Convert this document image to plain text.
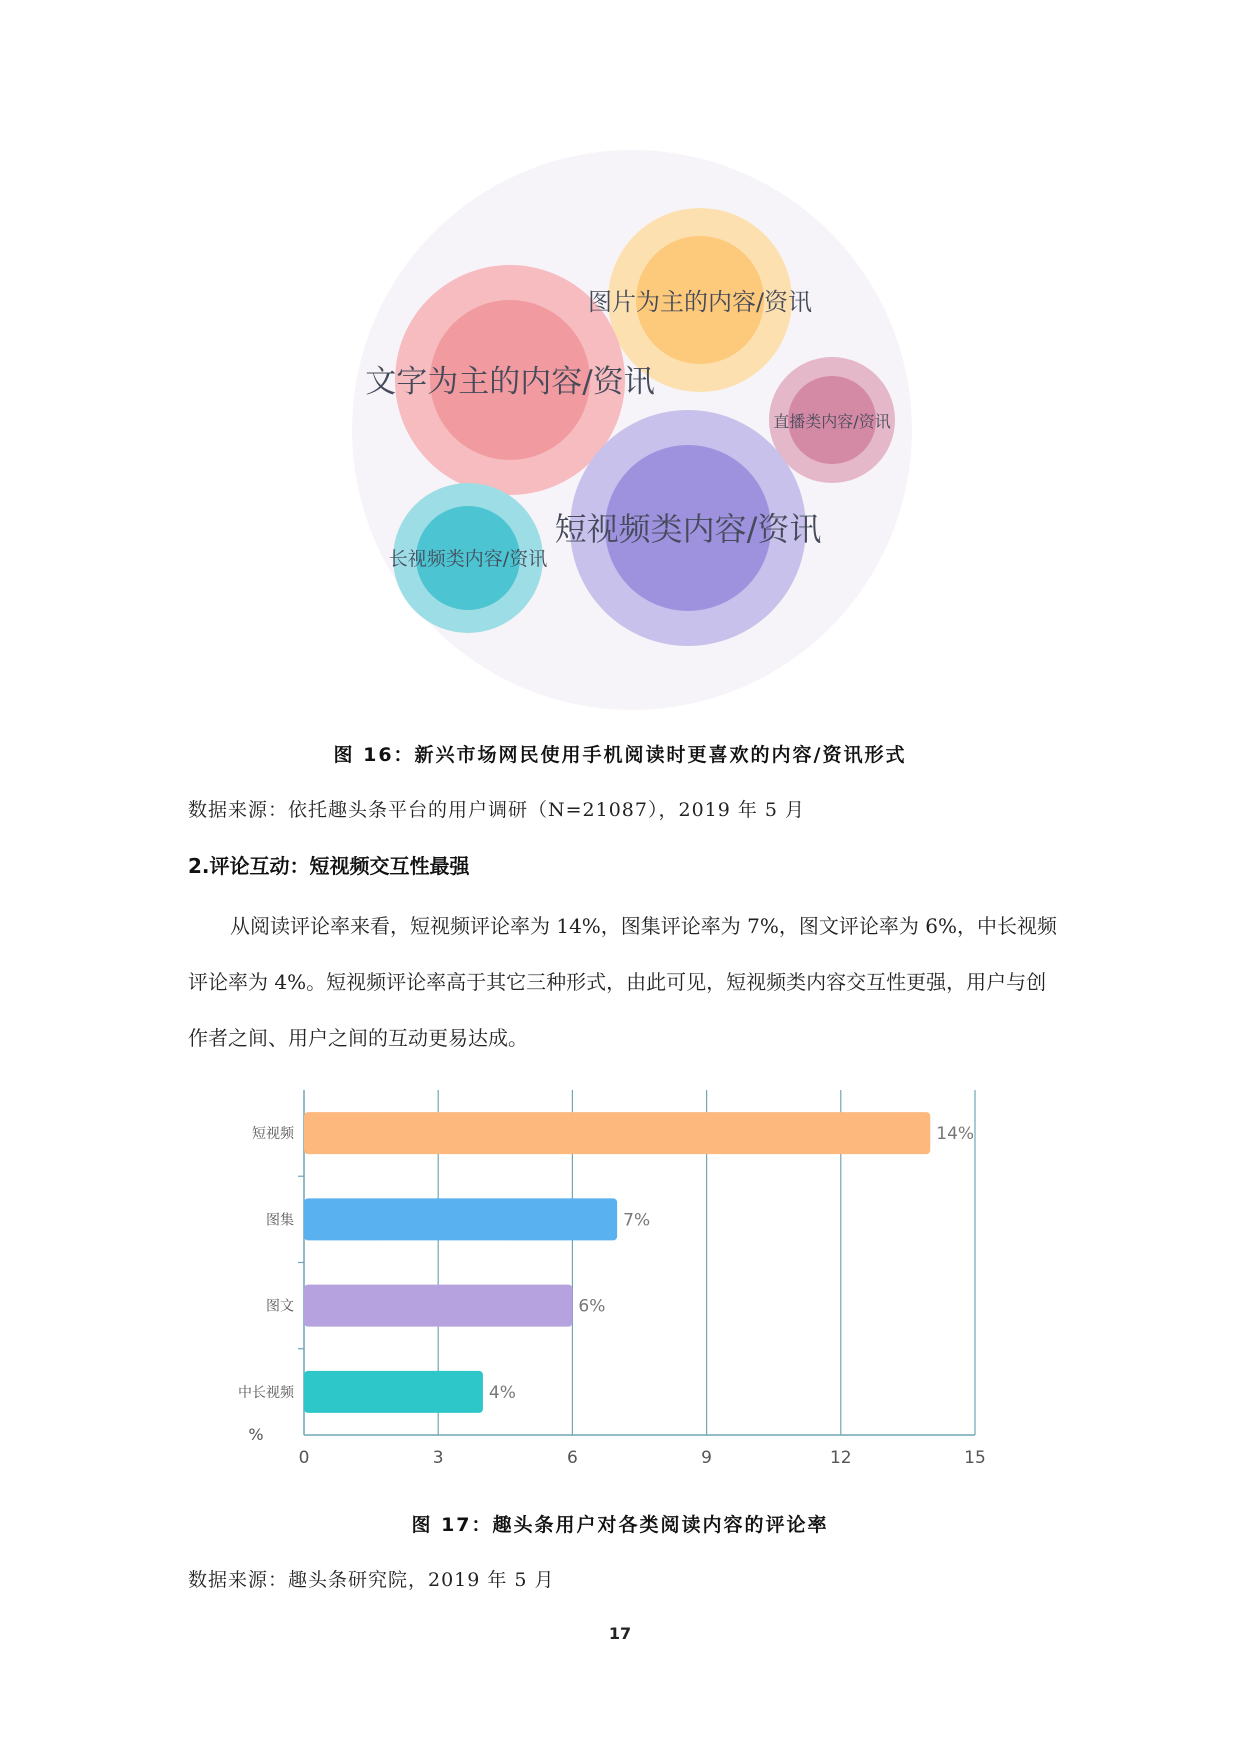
图片为主的内容/资讯
文字为主的内容/资讯
直播类内容/资讯
短视频类内容/资讯
长视频类内容/资讯
图 16：新兴市场网民使用手机阅读时更喜欢的内容/资讯形式
数据来源：依托趣头条平台的用户调研（N=21087），2019 年 5 月
2.评论互动：短视频交互性最强

从阅读评论率来看，短视频评论率为 14%，图集评论率为 7%，图文评论率为 6%，中长视频评论率为 4%。短视频评论率高于其它三种形式，由此可见，短视频类内容交互性更强，用户与创作者之间、用户之间的互动更易达成。

0	3	6	9	12	15
短视频	14%
图集	7%
图文	6%
中长视频	4%
%
图 17：趣头条用户对各类阅读内容的评论率
数据来源：趣头条研究院，2019 年 5 月
17
